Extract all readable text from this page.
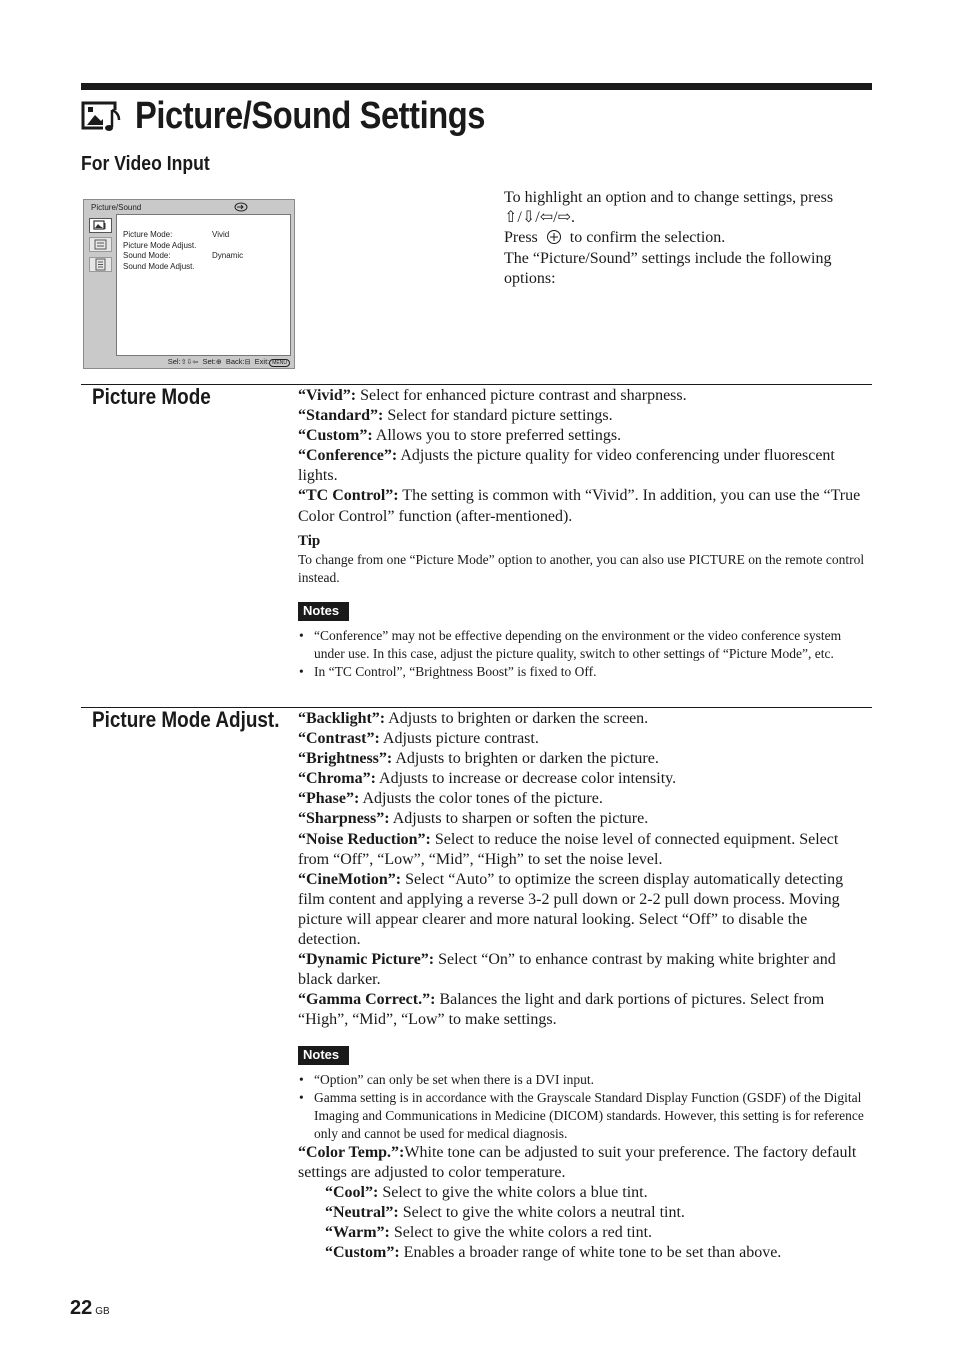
Picture/Sound Settings
For Video Input
Picture/Sound
Picture Mode:	Vivid
Picture Mode Adjust.
Sound Mode:	Dynamic
Sound Mode Adjust.
Sel:⇧⇩⇦ Set:⊕ Back:⊟ Exit: MENU

To highlight an option and to change settings, press
⇧/⇩/⇦/⇨.

Press to confirm the selection.

The “Picture/Sound” settings include the following options:

Picture Mode	“Vivid”: Select for enhanced picture contrast and sharpness.

“Standard”: Select for standard picture settings.

“Custom”: Allows you to store preferred settings.

“Conference”: Adjusts the picture quality for video conferencing under fluorescent lights.

“TC Control”: The setting is common with “Vivid”. In addition, you can use the “True Color Control” function (after-mentioned).

Tip

To change from one “Picture Mode” option to another, you can also use PICTURE on the remote control instead.

Notes
• “Conference” may not be effective depending on the environment or the video conference system under use. In this case, adjust the picture quality, switch to other settings of “Picture Mode”, etc.
• In “TC Control”, “Brightness Boost” is fixed to Off.
Picture Mode Adjust. “Backlight”: Adjusts to brighten or darken the screen.

“Contrast”: Adjusts picture contrast.

“Brightness”: Adjusts to brighten or darken the picture.

“Chroma”: Adjusts to increase or decrease color intensity.

“Phase”: Adjusts the color tones of the picture.

“Sharpness”: Adjusts to sharpen or soften the picture.

“Noise Reduction”: Select to reduce the noise level of connected equipment. Select from “Off”, “Low”, “Mid”, “High” to set the noise level.

“CineMotion”: Select “Auto” to optimize the screen display automatically detecting film content and applying a reverse 3-2 pull down or 2-2 pull down process. Moving picture will appear clearer and more natural looking. Select “Off” to disable the detection.

“Dynamic Picture”: Select “On” to enhance contrast by making white brighter and black darker.

“Gamma Correct.”: Balances the light and dark portions of pictures. Select from “High”, “Mid”, “Low” to make settings.

Notes
• “Option” can only be set when there is a DVI input.
• Gamma setting is in accordance with the Grayscale Standard Display Function (GSDF) of the Digital Imaging and Communications in Medicine (DICOM) standards. However, this setting is for reference only and cannot be used for medical diagnosis.

“Color Temp.”:White tone can be adjusted to suit your preference. The factory default settings are adjusted to color temperature.

“Cool”: Select to give the white colors a blue tint.

“Neutral”: Select to give the white colors a neutral tint.

“Warm”: Select to give the white colors a red tint.

“Custom”: Enables a broader range of white tone to be set than above.

22 GB
